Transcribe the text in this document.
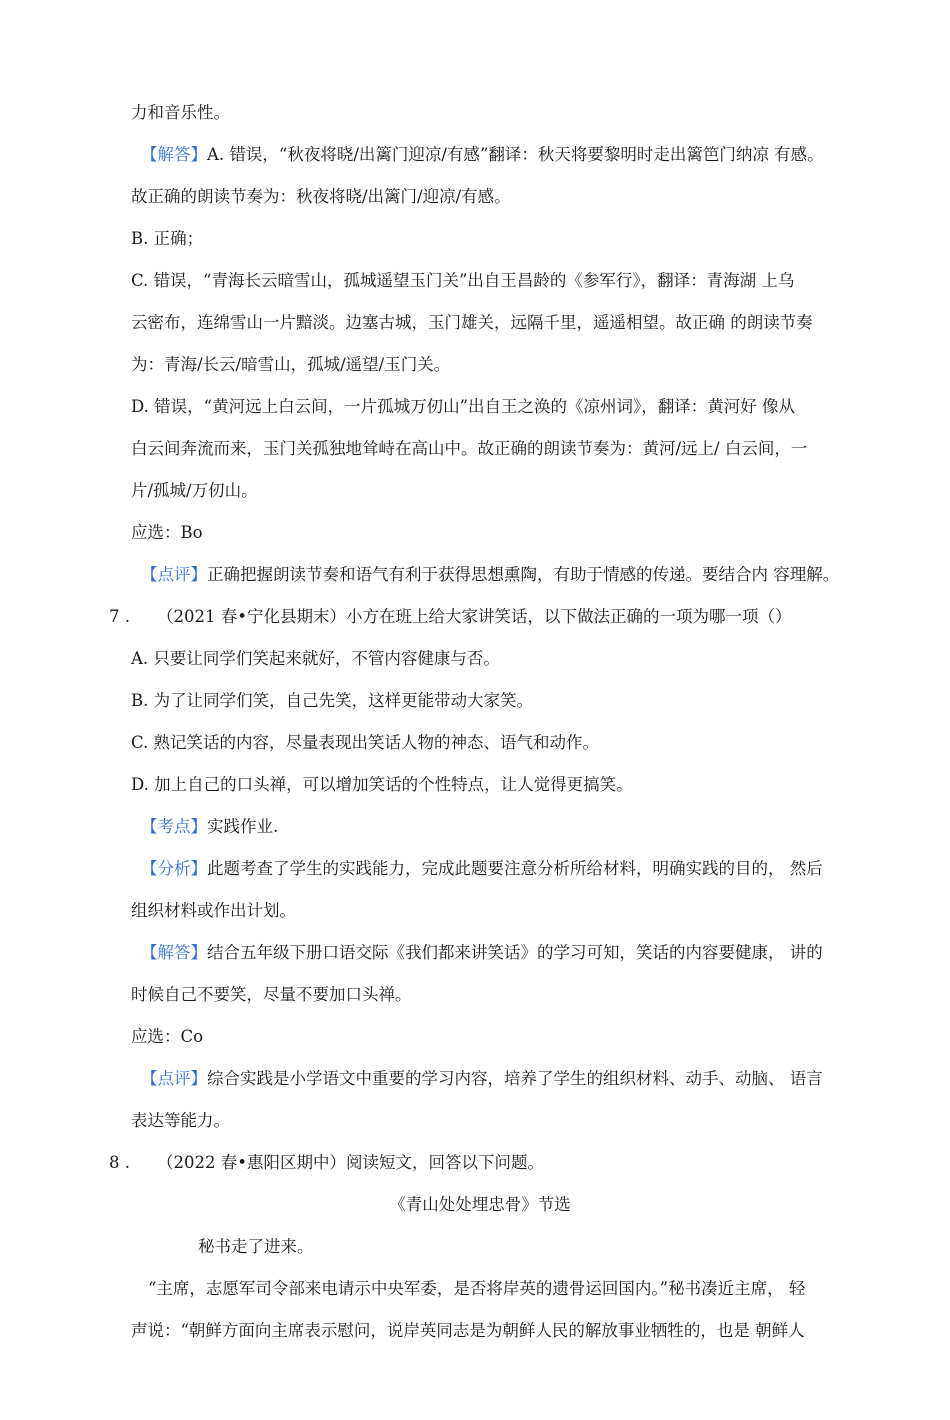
力和音乐性。
【解答】A. 错误，“秋夜将晓/出篱门迎凉/有感”翻译：秋天将要黎明时走出篱笆门纳凉 有感。
故正确的朗读节奏为：秋夜将晓/出篱门/迎凉/有感。
B. 正确；
C. 错误，“青海长云暗雪山，孤城遥望玉门关”出自王昌龄的《参军行》，翻译：青海湖 上乌
云密布，连绵雪山一片黯淡。边塞古城，玉门雄关，远隔千里，遥遥相望。故正确 的朗读节奏
为：青海/长云/暗雪山，孤城/遥望/玉门关。
D. 错误，“黄河远上白云间，一片孤城万仞山”出自王之涣的《凉州词》，翻译：黄河好 像从
白云间奔流而来，玉门关孤独地耸峙在高山中。故正确的朗读节奏为：黄河/远上/ 白云间，一
片/孤城/万仞山。
应选：Bo
【点评】正确把握朗读节奏和语气有利于获得思想熏陶，有助于情感的传递。要结合内 容理解。
7 . （2021 春•宁化县期末）小方在班上给大家讲笑话，以下做法正确的一项为哪一项（）
A. 只要让同学们笑起来就好，不管内容健康与否。
B. 为了让同学们笑，自己先笑，这样更能带动大家笑。
C. 熟记笑话的内容，尽量表现出笑话人物的神态、语气和动作。
D. 加上自己的口头禅，可以增加笑话的个性特点，让人觉得更搞笑。
【考点】实践作业.
【分析】此题考查了学生的实践能力，完成此题要注意分析所给材料，明确实践的目的， 然后
组织材料或作出计划。
【解答】结合五年级下册口语交际《我们都来讲笑话》的学习可知，笑话的内容要健康， 讲的
时候自己不要笑，尽量不要加口头禅。
应选：Co
【点评】综合实践是小学语文中重要的学习内容，培养了学生的组织材料、动手、动脑、 语言
表达等能力。
8 . （2022 春•惠阳区期中）阅读短文，回答以下问题。
《青山处处埋忠骨》节选
秘书走了进来。
“主席，志愿军司令部来电请示中央军委，是否将岸英的遗骨运回国内。”秘书凑近主席， 轻
声说：“朝鲜方面向主席表示慰问，说岸英同志是为朝鲜人民的解放事业牺牲的，也是 朝鲜人
